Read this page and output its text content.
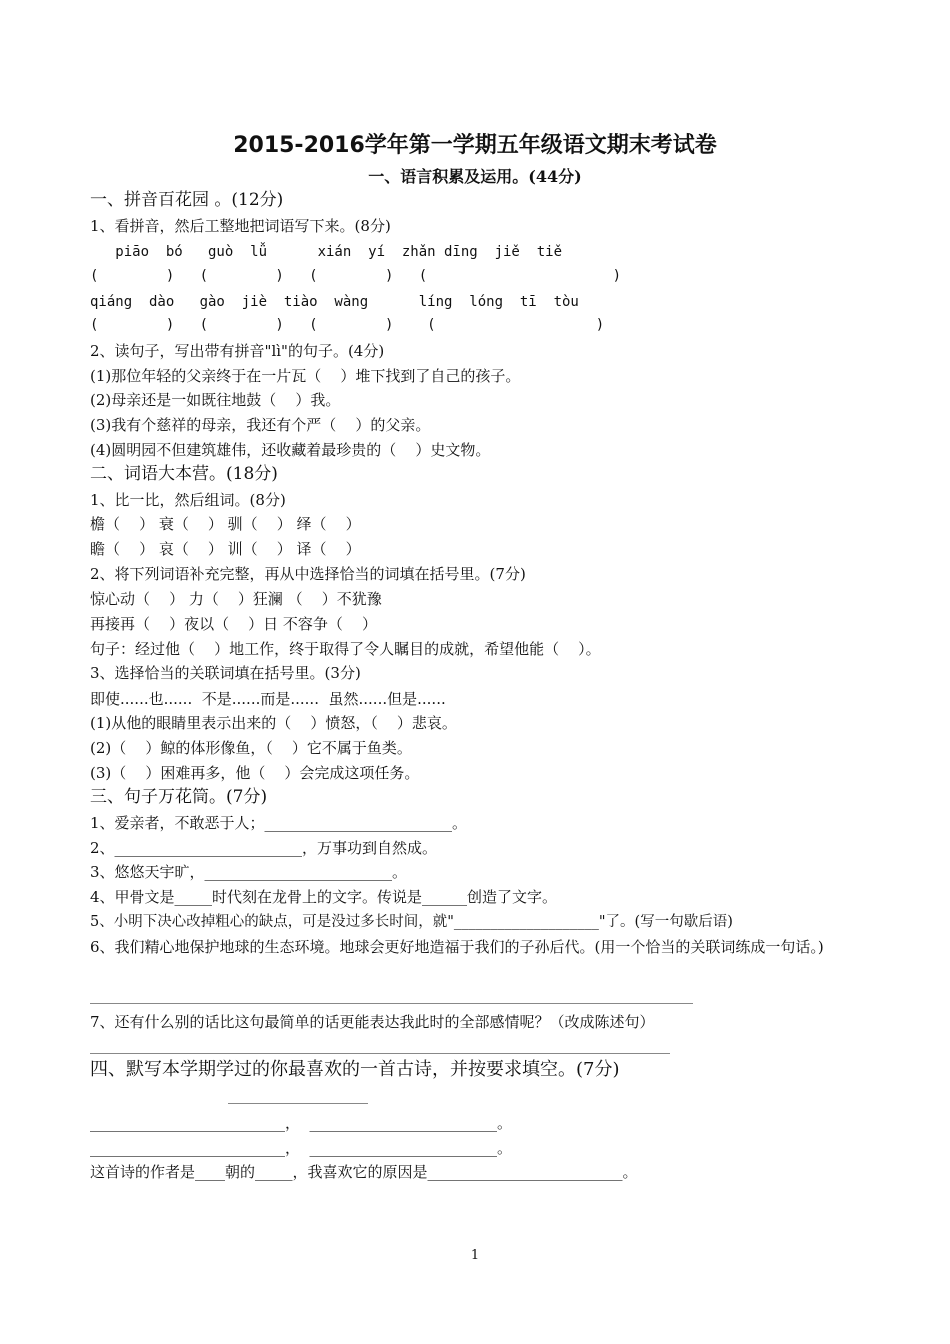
2015-2016学年第一学期五年级语文期末考试卷
一、语言积累及运用。(44分)
一、拼音百花园 。(12分)
1、看拼音，然后工整地把词语写下来。(8分)
piāo  bó   guò  lǚ      xián  yí  zhǎn dīng  jiě  tiě
(        )   (        )   (        )   (                      )
qiáng  dào   gào  jiè  tiào  wàng      líng  lóng  tī  tòu
(        )   (        )   (        )    (                   )
2、读句子，写出带有拼音"lì"的句子。(4分)
(1)那位年轻的父亲终于在一片瓦（    ）堆下找到了自己的孩子。
(2)母亲还是一如既往地鼓（    ）我。
(3)我有个慈祥的母亲，我还有个严（    ）的父亲。
(4)圆明园不但建筑雄伟，还收藏着最珍贵的（    ）史文物。
二、词语大本营。(18分)
1、比一比，然后组词。(8分)
檐（    ） 衰（    ） 驯（    ） 绎（    ）
瞻（    ） 哀（    ） 训（    ） 译（    ）
2、将下列词语补充完整，再从中选择恰当的词填在括号里。(7分)
惊心动（    ） 力（    ）狂澜 （    ）不犹豫
再接再（    ）夜以（    ）日 不容争（    ）
句子：经过他（    ）地工作，终于取得了令人瞩目的成就，希望他能（    ）。
3、选择恰当的关联词填在括号里。(3分)
即使......也......  不是......而是......  虽然......但是......
(1)从他的眼睛里表示出来的（    ）愤怒，（    ）悲哀。
(2)（    ）鲸的体形像鱼，（    ）它不属于鱼类。
(3)（    ）困难再多，他（    ）会完成这项任务。
三、句子万花筒。(7分)
1、爱亲者，不敢恶于人；_________________________。
2、_________________________，万事功到自然成。
3、悠悠天宇旷，_________________________。
4、甲骨文是_____时代刻在龙骨上的文字。传说是______创造了文字。
5、小明下决心改掉粗心的缺点，可是没过多长时间，就"____________________"了。(写一句歇后语)
6、我们精心地保护地球的生态环境。地球会更好地造福于我们的子孙后代。(用一个恰当的关联词练成一句话。)
7、还有什么别的话比这句最简单的话更能表达我此时的全部感情呢？（改成陈述句）
四、默写本学期学过的你最喜欢的一首古诗，并按要求填空。(7分)
__________________________，  _________________________。
__________________________，  _________________________。
这首诗的作者是____朝的_____，我喜欢它的原因是__________________________。
1
